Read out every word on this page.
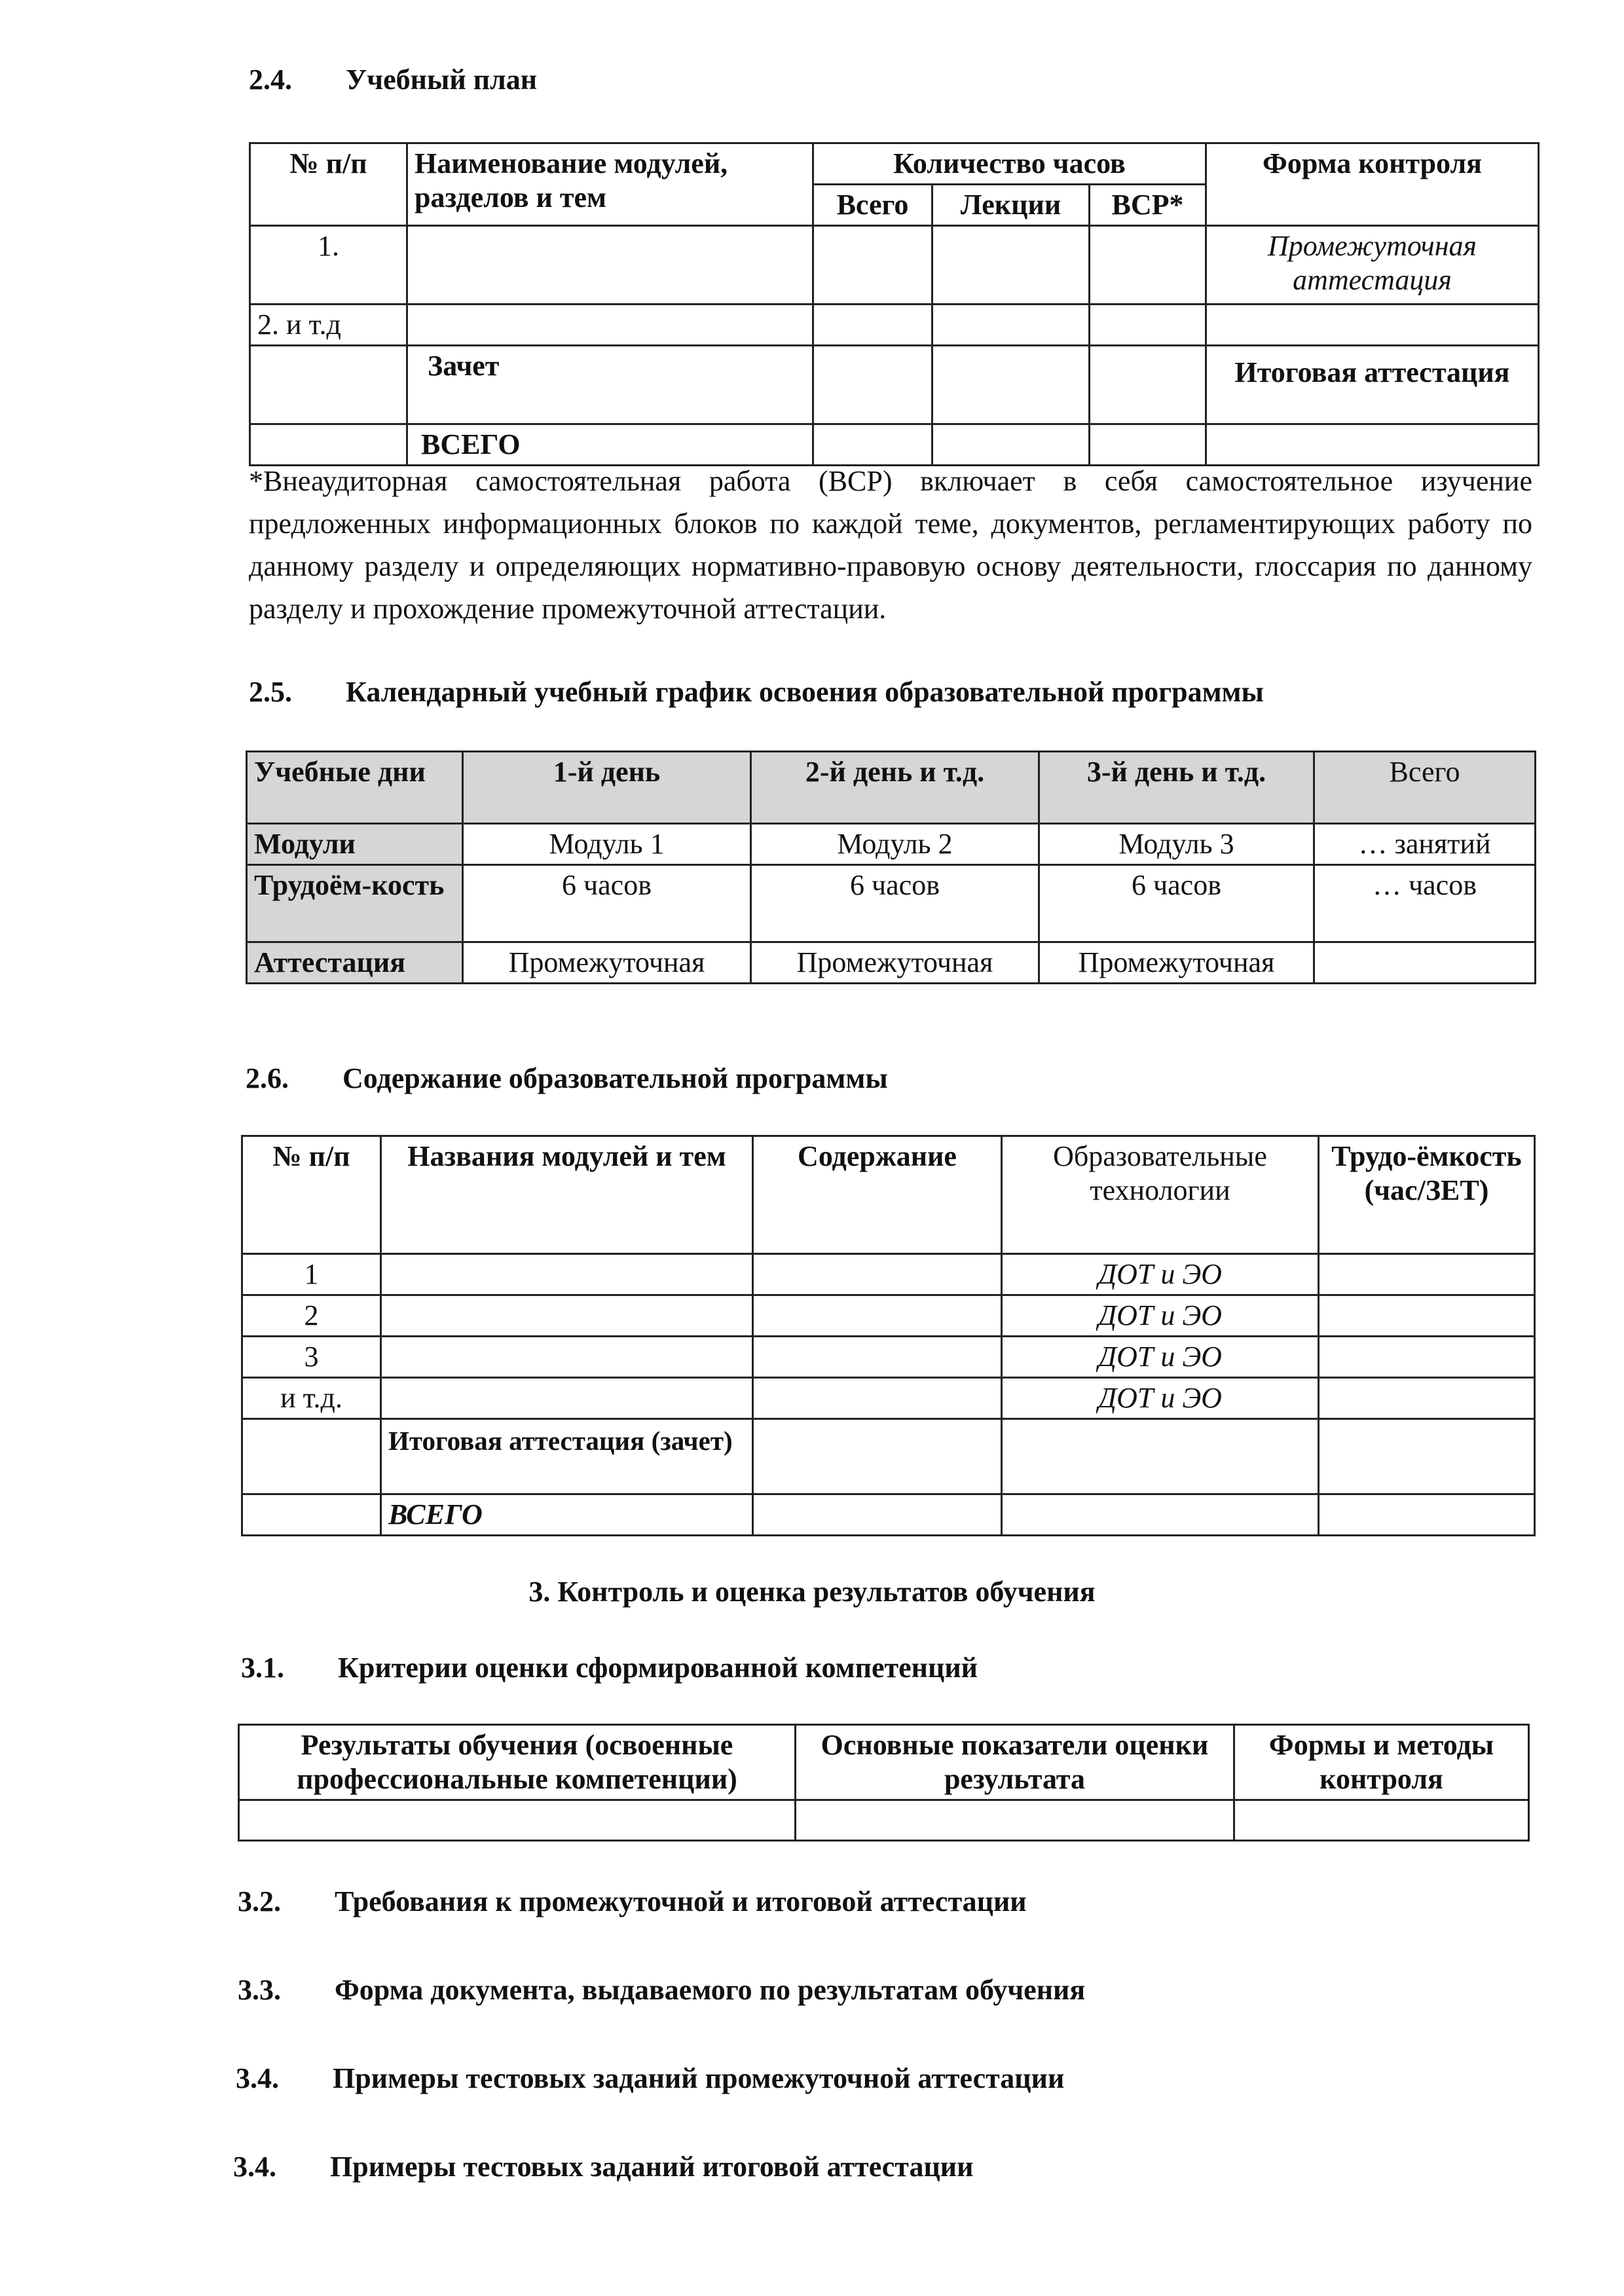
2.4. Учебный план
№ п/п	Наименование модулей, разделов и тем	Количество часов			Форма контроля
		Всего	Лекции	ВСР*	
1.					Промежуточная аттестация
2. и т.д					
	Зачет				Итоговая аттестация
	ВСЕГО				
*Внеаудиторная самостоятельная работа (ВСР) включает в себя самостоятельное изучение предложенных информационных блоков по каждой теме, документов, регламентирующих работу по данному разделу и определяющих нормативно-правовую основу деятельности, глоссария по данному разделу и прохождение промежуточной аттестации.
2.5. Календарный учебный график освоения образовательной программы
Учебные дни	1-й день	2-й день и т.д.	3-й день и т.д.	Всего
Модули	Модуль 1	Модуль 2	Модуль 3	… занятий
Трудоём-кость	6 часов	6 часов	6 часов	… часов
Аттестация	Промежуточная	Промежуточная	Промежуточная	
2.6. Содержание образовательной программы
№ п/п	Названия модулей и тем	Содержание	Образовательные технологии	Трудо-ёмкость (час/ЗЕТ)
1			ДОТ и ЭО	
2			ДОТ и ЭО	
3			ДОТ и ЭО	
и т.д.			ДОТ и ЭО	
	Итоговая аттестация (зачет)			
	ВСЕГО			
3. Контроль и оценка результатов обучения
3.1. Критерии оценки сформированной компетенций
Результаты обучения (освоенные профессиональные компетенции)	Основные показатели оценки результата	Формы и методы контроля

3.2. Требования к промежуточной и итоговой аттестации
3.3. Форма документа, выдаваемого по результатам обучения
3.4. Примеры тестовых заданий промежуточной аттестации
3.4. Примеры тестовых заданий итоговой аттестации
